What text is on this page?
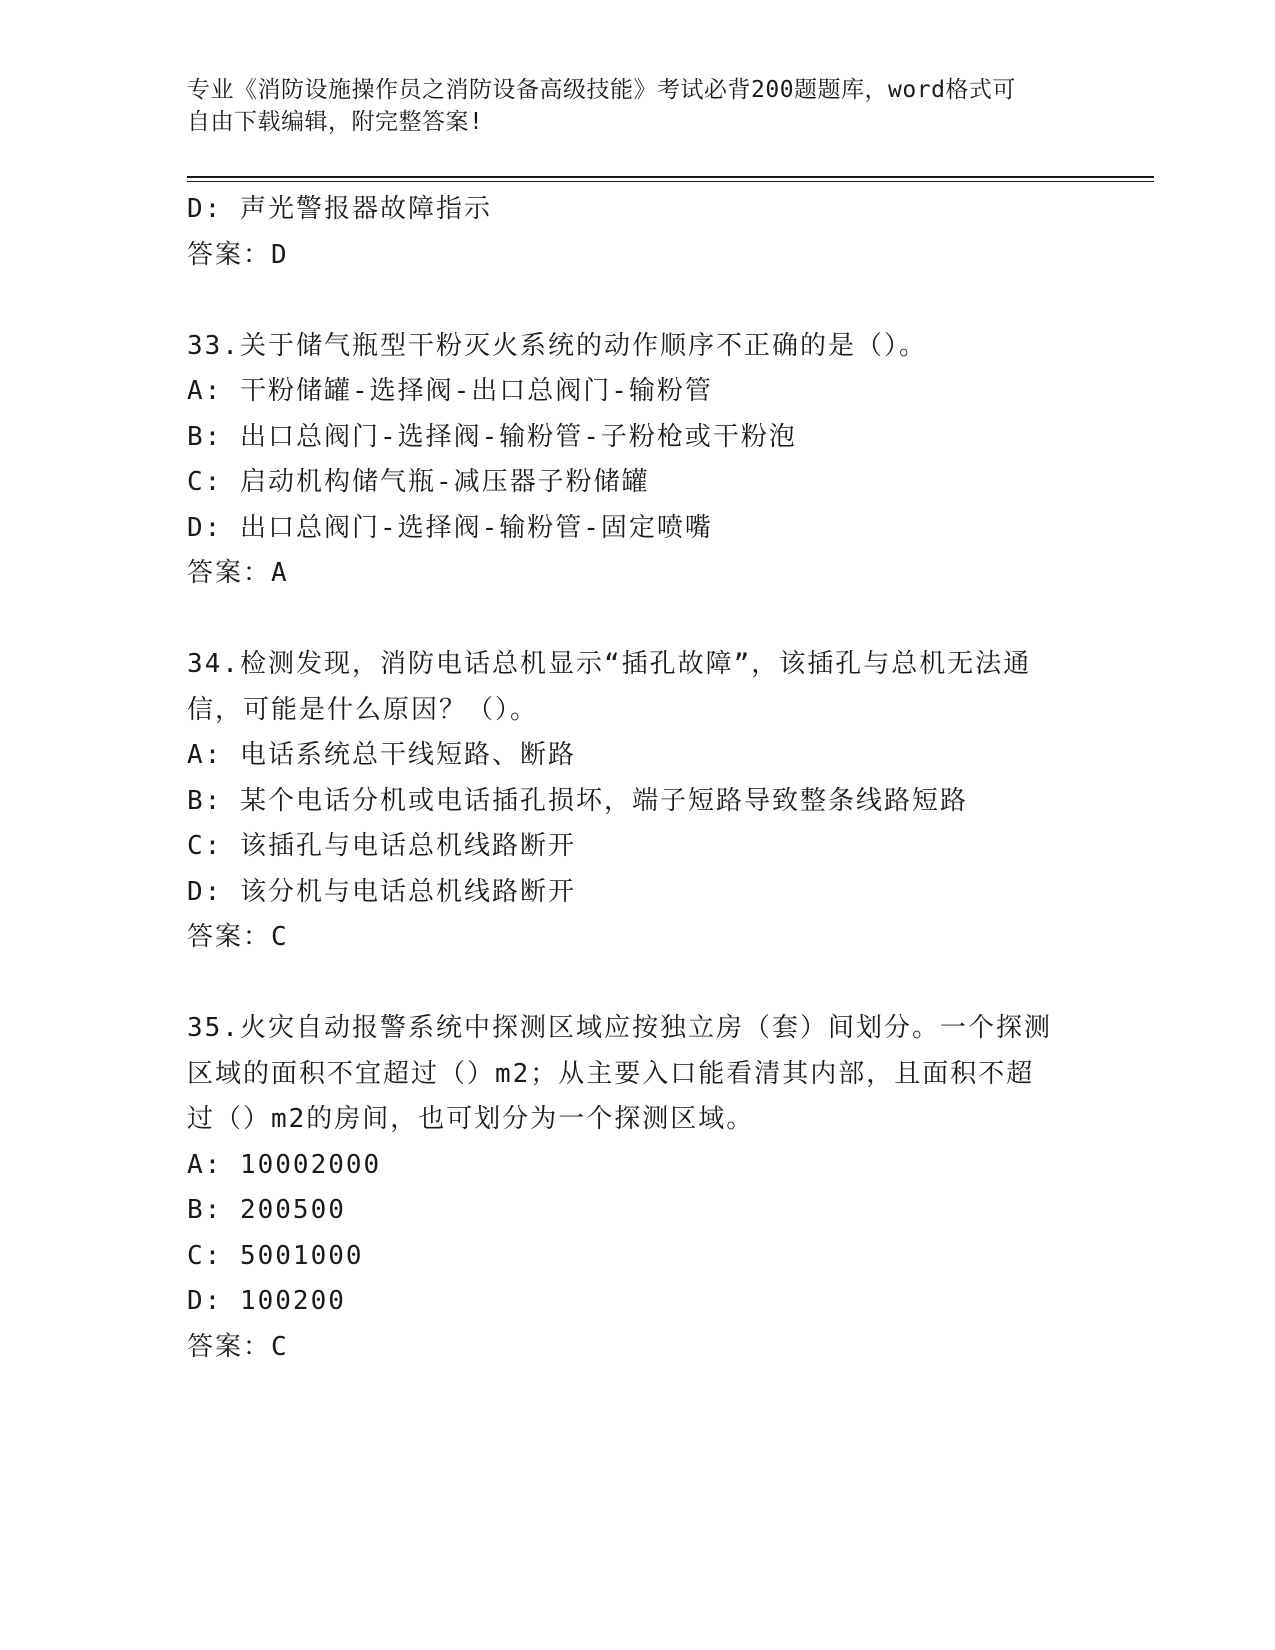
专业《消防设施操作员之消防设备高级技能》考试必背200题题库，word格式可
自由下载编辑，附完整答案!
D: 声光警报器故障指示
答案：D
33.关于储气瓶型干粉灭火系统的动作顺序不正确的是（）。
A: 干粉储罐-选择阀-出口总阀门-输粉管
B: 出口总阀门-选择阀-输粉管-子粉枪或干粉泡
C: 启动机构储气瓶-减压器子粉储罐
D: 出口总阀门-选择阀-输粉管-固定喷嘴
答案：A
34.检测发现，消防电话总机显示“插孔故障”，该插孔与总机无法通
信，可能是什么原因？（）。
A: 电话系统总干线短路、断路
B: 某个电话分机或电话插孔损坏，端子短路导致整条线路短路
C: 该插孔与电话总机线路断开
D: 该分机与电话总机线路断开
答案：C
35.火灾自动报警系统中探测区域应按独立房（套）间划分。一个探测
区域的面积不宜超过（）m2；从主要入口能看清其内部，且面积不超
过（）m2的房间，也可划分为一个探测区域。
A: 10002000
B: 200500
C: 5001000
D: 100200
答案：C
